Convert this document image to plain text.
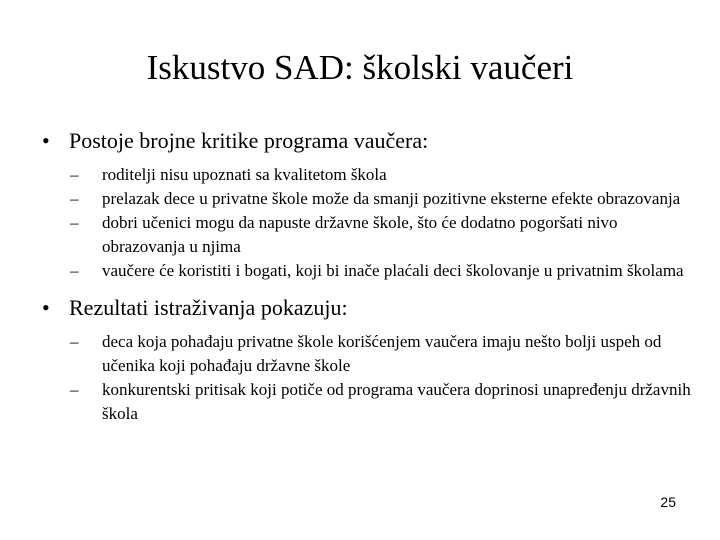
Iskustvo SAD: školski vaučeri
• Postoje brojne kritike programa vaučera:
– roditelji nisu upoznati sa kvalitetom škola
– prelazak dece u privatne škole može da smanji pozitivne eksterne efekte obrazovanja
– dobri učenici mogu da napuste državne škole, što će dodatno pogoršati nivo obrazovanja u njima
– vaučere će koristiti i bogati, koji bi inače plaćali deci školovanje u privatnim školama
• Rezultati istraživanja pokazuju:
– deca koja pohađaju privatne škole korišćenjem vaučera imaju nešto bolji uspeh od učenika koji pohađaju državne škole
– konkurentski pritisak koji potiče od programa vaučera doprinosi unapređenju državnih škola
25
